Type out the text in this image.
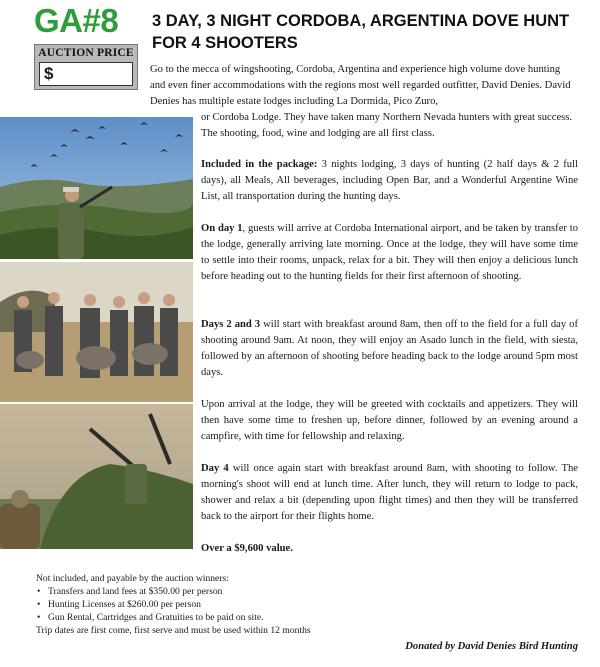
GA#8 3 DAY, 3 NIGHT CORDOBA, ARGENTINA DOVE HUNT
FOR 4 SHOOTERS
AUCTION PRICE
$	Go to the mecca of wingshooting, Cordoba, Argentina and experience high volume dove hunting and even finer accommodations with the regions most well regarded outfitter, David Denies. David Denies has multiple estate lodges including La Dormida, Pico Zuro,
or Cordoba Lodge. They have taken many Northern Nevada hunters with great success. The shooting, food, wine and lodging are all first class.
Included in the package: 3 nights lodging, 3 days of hunting (2 half days & 2 full days), all Meals, All beverages, including Open Bar, and a Wonderful Argentine Wine List, all transportation during the hunting days.
On day 1, guests will arrive at Cordoba International airport, and be taken by transfer to the lodge, generally arriving late morning. Once at the lodge, they will have some time to settle into their rooms, unpack, relax for a bit. They will then enjoy a delicious lunch before heading out to the hunting fields for their first afternoon of shooting.
Days 2 and 3 will start with breakfast around 8am, then off to the field for a full day of shooting around 9am. At noon, they will enjoy an Asado lunch in the field, with siesta, followed by an afternoon of shooting before heading back to the lodge around 5pm most days.
Upon arrival at the lodge, they will be greeted with cocktails and appetizers. They will then have some time to freshen up, before dinner, followed by an evening around a campfire, with time for fellowship and relaxing.
Day 4 will once again start with breakfast around 8am, with shooting to follow. The morning's shoot will end at lunch time. After lunch, they will return to lodge to pack, shower and relax a bit (depending upon flight times) and then they will be transferred back to the airport for their flights home.
Over a $9,600 value.
Not included, and payable by the auction winners:
• Transfers and land fees at $350.00 per person
• Hunting Licenses at $260.00 per person
• Gun Rental, Cartridges and Gratuities to be paid on site.
Trip dates are first come, first serve and must be used within 12 months
Donated by David Denies Bird Hunting
